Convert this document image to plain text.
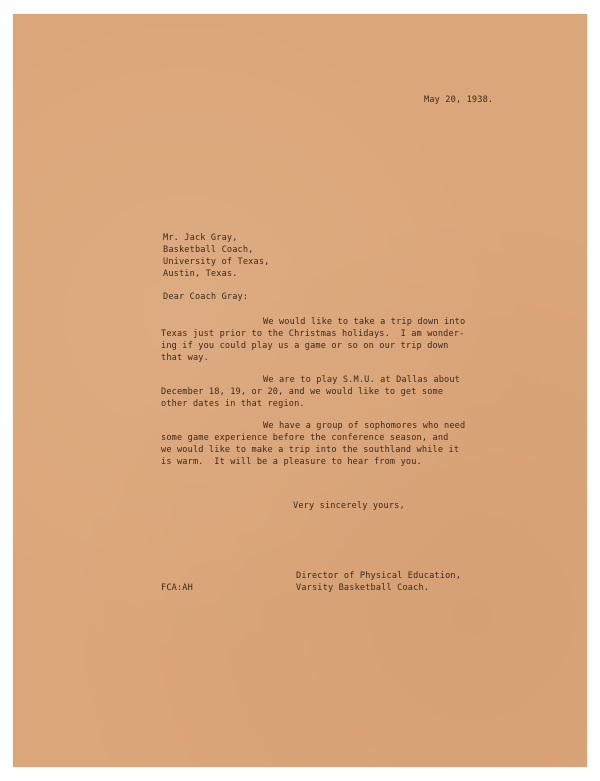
May 20, 1938.
Mr. Jack Gray,
Basketball Coach,
University of Texas,
Austin, Texas.
Dear Coach Gray:
We would like to take a trip down into
Texas just prior to the Christmas holidays.  I am wonder-
ing if you could play us a game or so on our trip down
that way.
We are to play S.M.U. at Dallas about
December 18, 19, or 20, and we would like to get some
other dates in that region.
We have a group of sophomores who need
some game experience before the conference season, and
we would like to make a trip into the southland while it
is warm.  It will be a pleasure to hear from you.
Very sincerely yours,
Director of Physical Education,
Varsity Basketball Coach.
FCA:AH
